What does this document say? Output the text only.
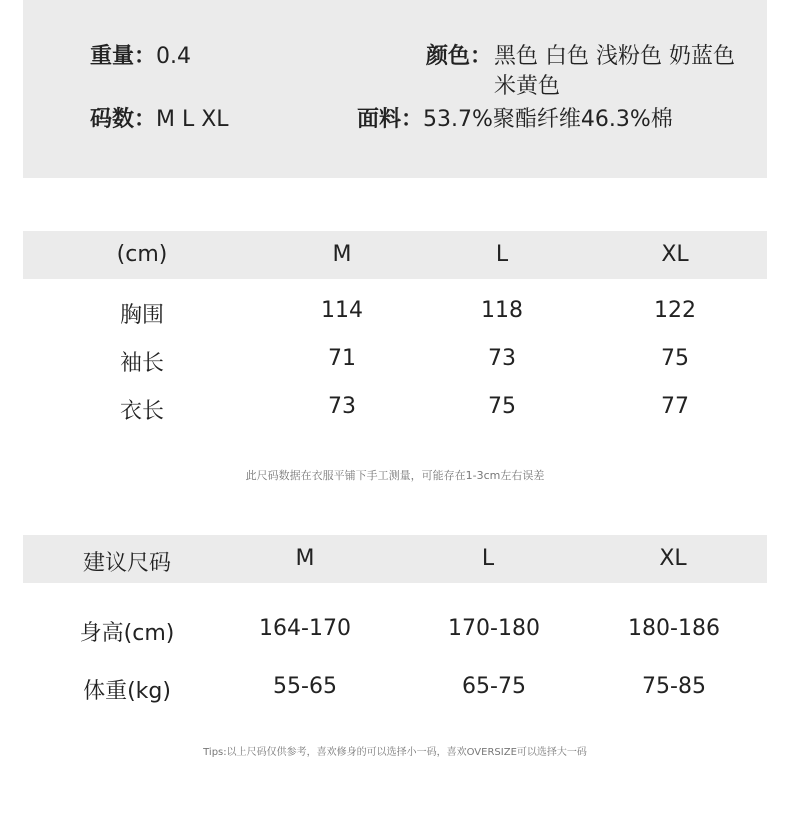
重量：0.4
码数：M L XL
颜色： 黑色 白色 浅粉色 奶蓝色
米黄色
面料：53.7%聚酯纤维46.3%棉
(cm)	M	L	XL
胸围	114	118	122
袖长	71	73	75
衣长	73	75	77
此尺码数据在衣服平铺下手工测量，可能存在1-3cm左右误差
建议尺码	M	L	XL
身高(cm)	164-170	170-180	180-186
体重(kg)	55-65	65-75	75-85
Tips:以上尺码仅供参考，喜欢修身的可以选择小一码，喜欢OVERSIZE可以选择大一码
